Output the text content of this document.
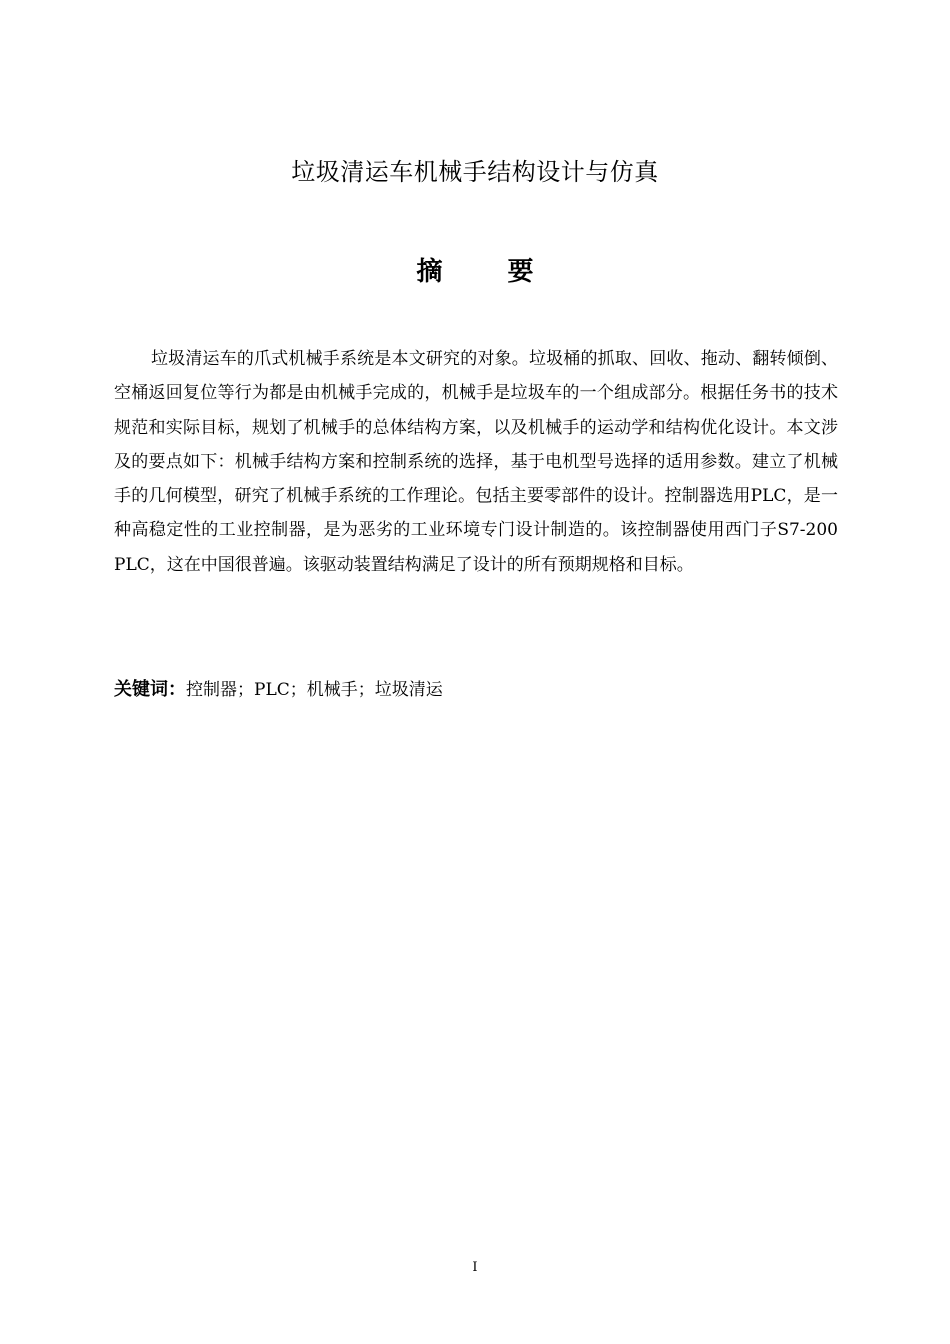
垃圾清运车机械手结构设计与仿真
摘 要

垃圾清运车的爪式机械手系统是本文研究的对象。垃圾桶的抓取、回收、拖动、翻转倾倒、空桶返回复位等行为都是由机械手完成的，机械手是垃圾车的一个组成部分。根据任务书的技术规范和实际目标，规划了机械手的总体结构方案，以及机械手的运动学和结构优化设计。本文涉及的要点如下：机械手结构方案和控制系统的选择，基于电机型号选择的适用参数。建立了机械手的几何模型，研究了机械手系统的工作理论。包括主要零部件的设计。控制器选用PLC，是一种高稳定性的工业控制器，是为恶劣的工业环境专门设计制造的。该控制器使用西门子S7-200 PLC，这在中国很普遍。该驱动装置结构满足了设计的所有预期规格和目标。

关键词：控制器；PLC；机械手；垃圾清运
I
